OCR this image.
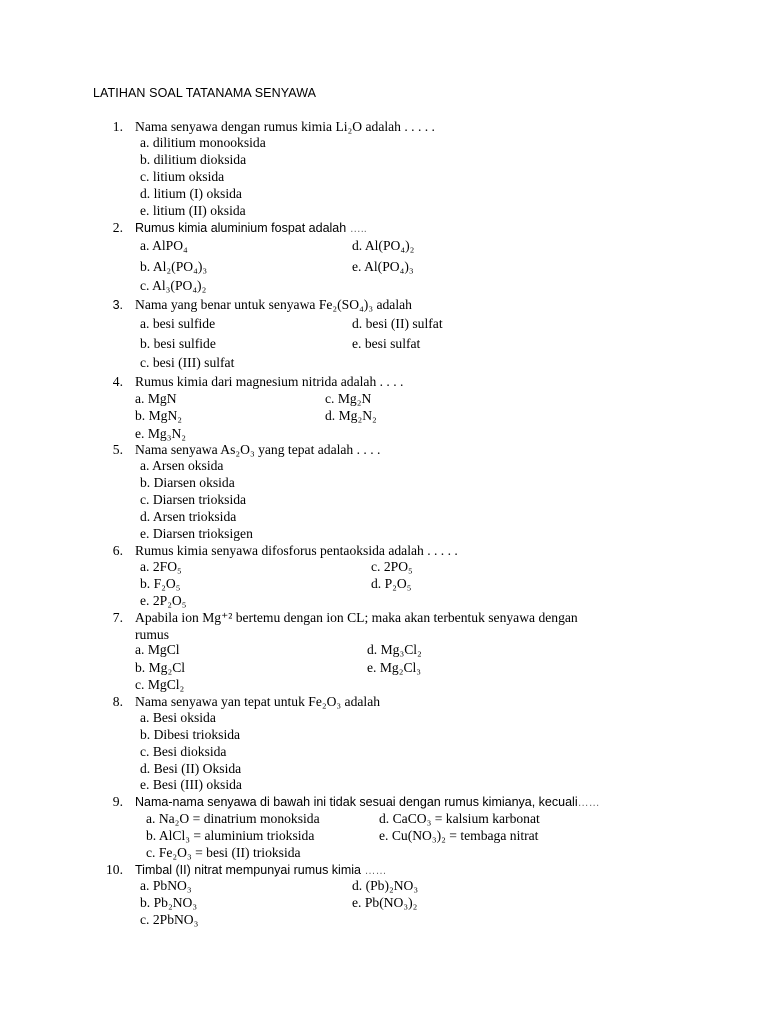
LATIHAN SOAL TATANAMA SENYAWA
1. Nama senyawa dengan rumus kimia Li₂O adalah . . . . .
a. dilitium monooksida
b. dilitium dioksida
c. litium oksida
d. litium (I) oksida
e. litium (II) oksida
2. Rumus kimia aluminium fospat adalah …..
a. AlPO₄	d. Al(PO₄)₂
b. Al₂(PO₄)₃	e. Al(PO₄)₃
c. Al₃(PO₄)₂
3. Nama yang benar untuk senyawa Fe₂(SO₄)₃ adalah
a. besi sulfide	d. besi (II) sulfat
b. besi sulfide	e. besi sulfat
c. besi (III) sulfat
4. Rumus kimia dari magnesium nitrida adalah . . . .
a. MgN	c. Mg₂N
b. MgN₂	d. Mg₂N₂
e. Mg₃N₂
5. Nama senyawa As₂O₃ yang tepat adalah . . . .
a. Arsen oksida
b. Diarsen oksida
c. Diarsen trioksida
d. Arsen trioksida
e. Diarsen trioksigen
6. Rumus kimia senyawa difosforus pentaoksida adalah . . . . .
a. 2FO₅	c. 2PO₅
b. F₂O₅	d. P₂O₅
e. 2P₂O₅
7. Apabila ion Mg⁺² bertemu dengan ion CL; maka akan terbentuk senyawa dengan
rumus
a. MgCl	d. Mg₃Cl₂
b. Mg₂Cl	e. Mg₂Cl₃
c. MgCl₂
8. Nama senyawa yan tepat untuk Fe₂O₃ adalah
a. Besi oksida
b. Dibesi trioksida
c. Besi dioksida
d. Besi (II) Oksida
e. Besi (III) oksida
9. Nama-nama senyawa di bawah ini tidak sesuai dengan rumus kimianya, kecuali……
a. Na₂O = dinatrium monoksida	d. CaCO₃ = kalsium karbonat
b. AlCl₃ = aluminium trioksida	e. Cu(NO₃)₂ = tembaga nitrat
c. Fe₂O₃ = besi (II) trioksida
10. Timbal (II) nitrat mempunyai rumus kimia ……
a. PbNO₃	d. (Pb)₂NO₃
b. Pb₂NO₃	e. Pb(NO₃)₂
c. 2PbNO₃
